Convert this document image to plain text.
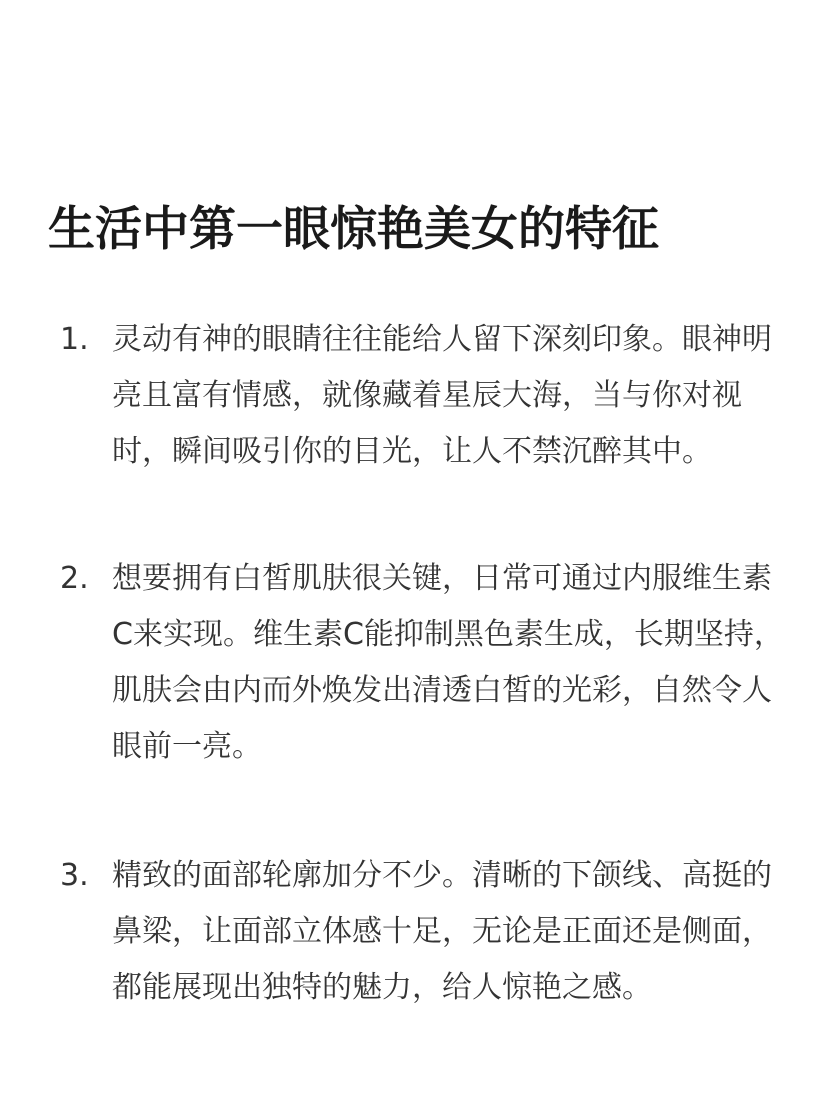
生活中第一眼惊艳美女的特征
1. 灵动有神的眼睛往往能给人留下深刻印象。眼神明亮且富有情感，就像藏着星辰大海，当与你对视时，瞬间吸引你的目光，让人不禁沉醉其中。
2. 想要拥有白皙肌肤很关键，日常可通过内服维生素C来实现。维生素C能抑制黑色素生成，长期坚持，肌肤会由内而外焕发出清透白皙的光彩，自然令人眼前一亮。
3. 精致的面部轮廓加分不少。清晰的下颌线、高挺的鼻梁，让面部立体感十足，无论是正面还是侧面，都能展现出独特的魅力，给人惊艳之感。
